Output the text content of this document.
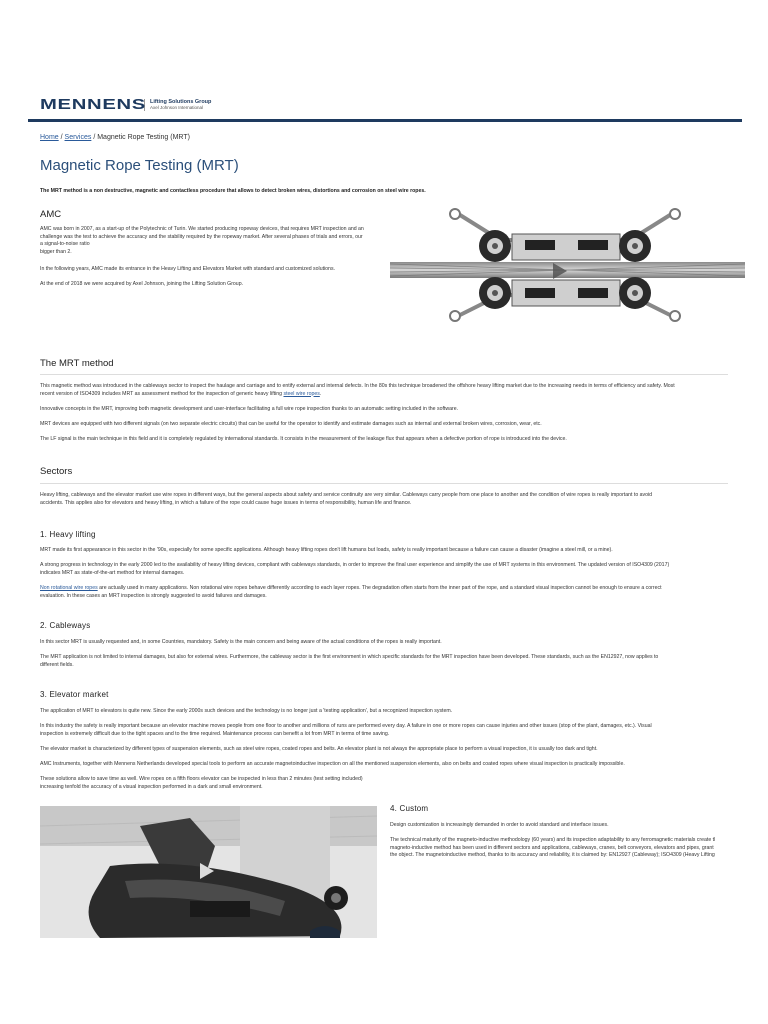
MENNENS Lifting Solutions Group
Axel Johnson International
Home / Services / Magnetic Rope Testing (MRT)
Magnetic Rope Testing (MRT)

The MRT method is a non destructive, magnetic and contactless procedure that allows to detect broken wires, distortions and corrosion on steel wire ropes.

AMC

AMC was born in 2007, as a start-up of the Polytechnic of Turin. We started producing ropeway devices, that requires MRT inspection and an
challenge was the test to achieve the accuracy and the stability required by the ropeway market. After several phases of trials and errors, our
a signal-to-noise ratio
bigger than 2.

In the following years, AMC made its entrance in the Heavy Lifting and Elevators Market with standard and customized solutions.

At the end of 2018 we were acquired by Axel Johnson, joining the Lifting Solution Group.

The MRT method

This magnetic method was introduced in the cableways sector to inspect the haulage and carriage and to entify external and internal defects. In the 80s this technique broadened the offshore heavy lifting market due to the increasing needs in terms of efficiency and safety. Most
recent version of ISO4309 includes MRT as assessment method for the inspection of generic heavy lifting steel wire ropes.

Innovative concepts in the MRT, improving both magnetic development and user-interface facilitating a full wire rope inspection thanks to an automatic setting included in the software.

MRT devices are equipped with two different signals (on two separate electric circuits) that can be useful for the operator to identify and estimate damages such as internal and external broken wires, corrosion, wear, etc.

The LF signal is the main technique in this field and it is completely regulated by international standards. It consists in the measurement of the leakage flux that appears when a defective portion of rope is introduced into the device.

Sectors

Heavy lifting, cableways and the elevator market use wire ropes in different ways, but the general aspects about safety and service continuity are very similar. Cableways carry people from one place to another and the condition of wire ropes is really important to avoid
accidents. This applies also for elevators and heavy lifting, in which a failure of the rope could cause huge issues in terms of responsibility, human life and finance.

1. Heavy lifting

MRT made its first appearance in this sector in the '90s, especially for some specific applications. Although heavy lifting ropes don't lift humans but loads, safety is really important because a failure can cause a disaster (imagine a steel mill, or a mine).

A strong progress in technology in the early 2000 led to the availability of heavy lifting devices, compliant with cableways standards, in order to improve the final user experience and simplify the use of MRT systems in this environment. The updated version of ISO4309 (2017)
indicates MRT as state-of-the-art method for internal damages.

Non rotational wire ropes are actually used in many applications. Non rotational wire ropes behave differently according to each layer ropes. The degradation often starts from the inner part of the rope, and a standard visual inspection cannot be enough to ensure a correct
evaluation. In these cases an MRT inspection is strongly suggested to avoid failures and damages.

2. Cableways

In this sector MRT is usually requested and, in some Countries, mandatory. Safety is the main concern and being aware of the actual conditions of the ropes is really important.

The MRT application is not limited to internal damages, but also for external wires. Furthermore, the cableway sector is the first environment in which specific standards for the MRT inspection have been developed. These standards, such as the EN12927, now applies to
different fields.

3. Elevator market

The application of MRT to elevators is quite new. Since the early 2000s such devices and the technology is no longer just a 'testing application', but a recognized inspection system.

In this industry the safety is really important because an elevator machine moves people from one floor to another and millions of runs are performed every day. A failure in one or more ropes can cause injuries and other issues (stop of the plant, damages, etc.). Visual
inspection is extremely difficult due to the tight spaces and to the time required. Maintenance process can benefit a lot from MRT in terms of time saving.

The elevator market is characterized by different types of suspension elements, such as steel wire ropes, coated ropes and belts. An elevator plant is not always the appropriate place to perform a visual inspection, it is usually too dark and tight.

AMC Instruments, together with Mennens Netherlands developed special tools to perform an accurate magnetoinductive inspection on all the mentioned suspension elements, also on belts and coated ropes where visual inspection is practically impossible.

These solutions allow to save time as well. Wire ropes on a fifth floors elevator can be inspected in less than 2 minutes (test setting included)
increasing tenfold the accuracy of a visual inspection performed in a dark and small environment.

4. Custom

Design customization is increasingly demanded in order to avoid standard and interface issues.

The technical maturity of the magneto-inductive methodology (60 years) and its inspection adaptability to any ferromagnetic materials create tl
magneto-inductive method has been used in different sectors and applications, cableways, cranes, belt conveyors, elevators and pipes, grant
the object. The magnetoinductive method, thanks to its accuracy and reliability, it is claimed by: EN12927 (Cableway); ISO4309 (Heavy Lifting
